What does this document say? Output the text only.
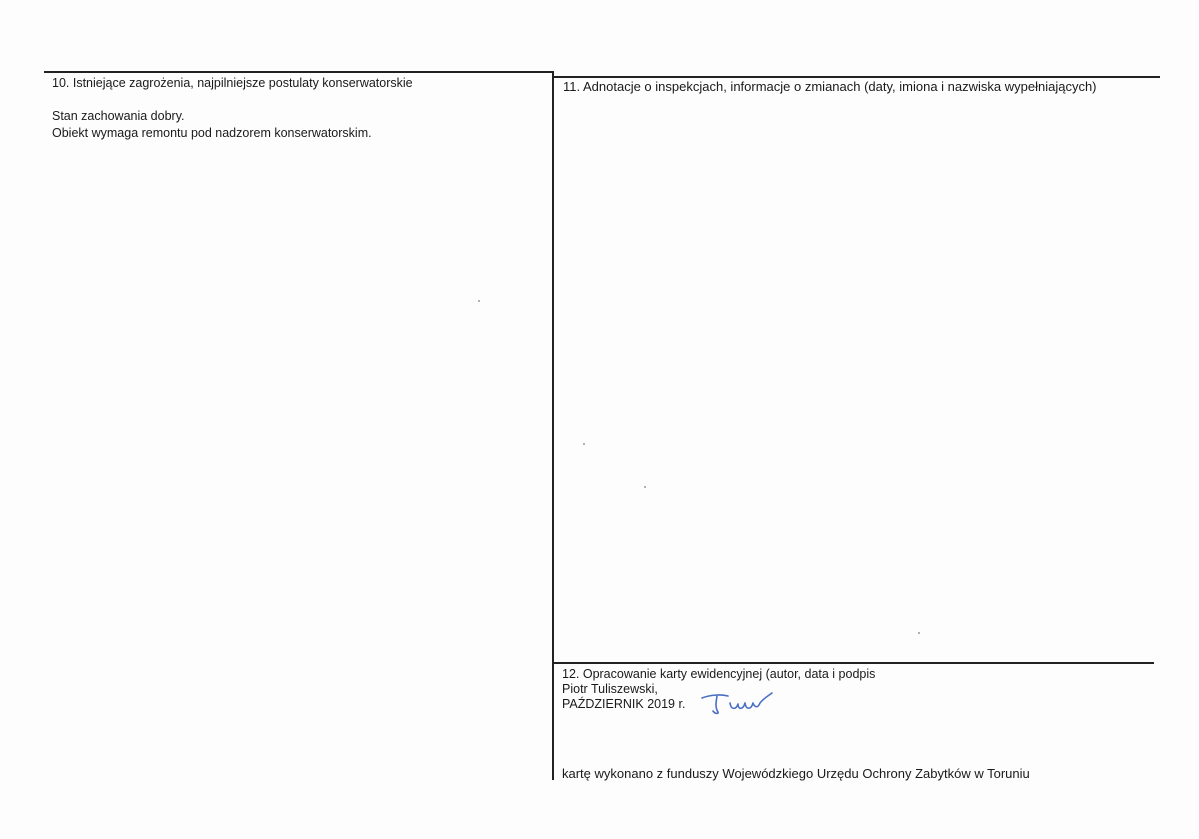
10. Istniejące zagrożenia, najpilniejsze postulaty konserwatorskie
Stan zachowania dobry.
Obiekt wymaga remontu pod nadzorem konserwatorskim.
11. Adnotacje o inspekcjach, informacje o zmianach (daty, imiona i nazwiska wypełniających)
12. Opracowanie karty ewidencyjnej (autor, data i podpis
Piotr Tuliszewski,
PAŹDZIERNIK 2019 r.
kartę wykonano z funduszy Wojewódzkiego Urzędu Ochrony Zabytków w Toruniu
